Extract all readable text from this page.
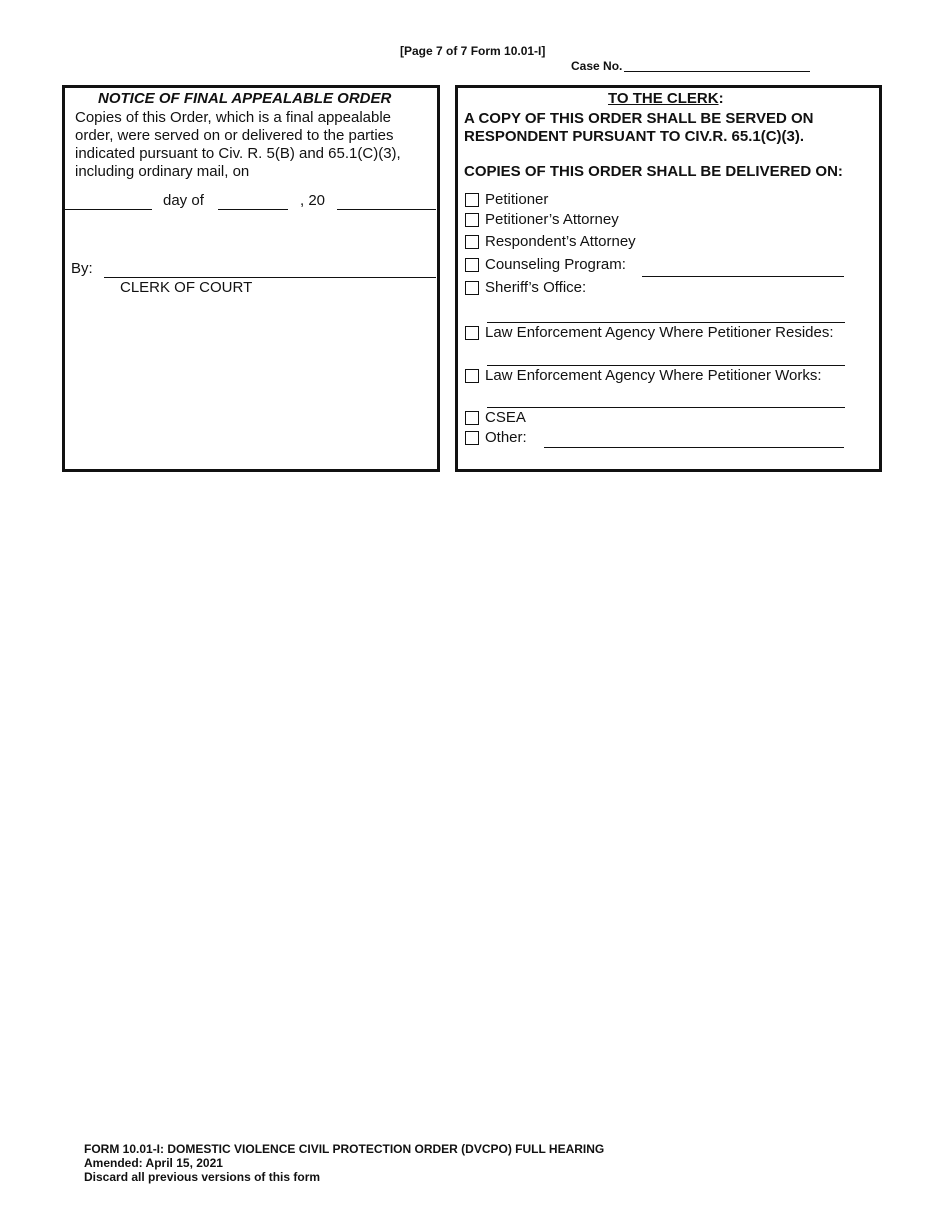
[Page 7 of 7 Form 10.01-I]
Case No.
NOTICE OF FINAL APPEALABLE ORDER
Copies of this Order, which is a final appealable order, were served on or delivered to the parties indicated pursuant to Civ. R. 5(B) and 65.1(C)(3), including ordinary mail, on
day of	, 20
By:
CLERK OF COURT
TO THE CLERK:
A COPY OF THIS ORDER SHALL BE SERVED ON RESPONDENT PURSUANT TO CIV.R. 65.1(C)(3).
COPIES OF THIS ORDER SHALL BE DELIVERED ON:
Petitioner
Petitioner’s Attorney
Respondent’s Attorney
Counseling Program:
Sheriff’s Office:
Law Enforcement Agency Where Petitioner Resides:
Law Enforcement Agency Where Petitioner Works:
CSEA
Other:
FORM 10.01-I: DOMESTIC VIOLENCE CIVIL PROTECTION ORDER (DVCPO) FULL HEARING
Amended: April 15, 2021
Discard all previous versions of this form
